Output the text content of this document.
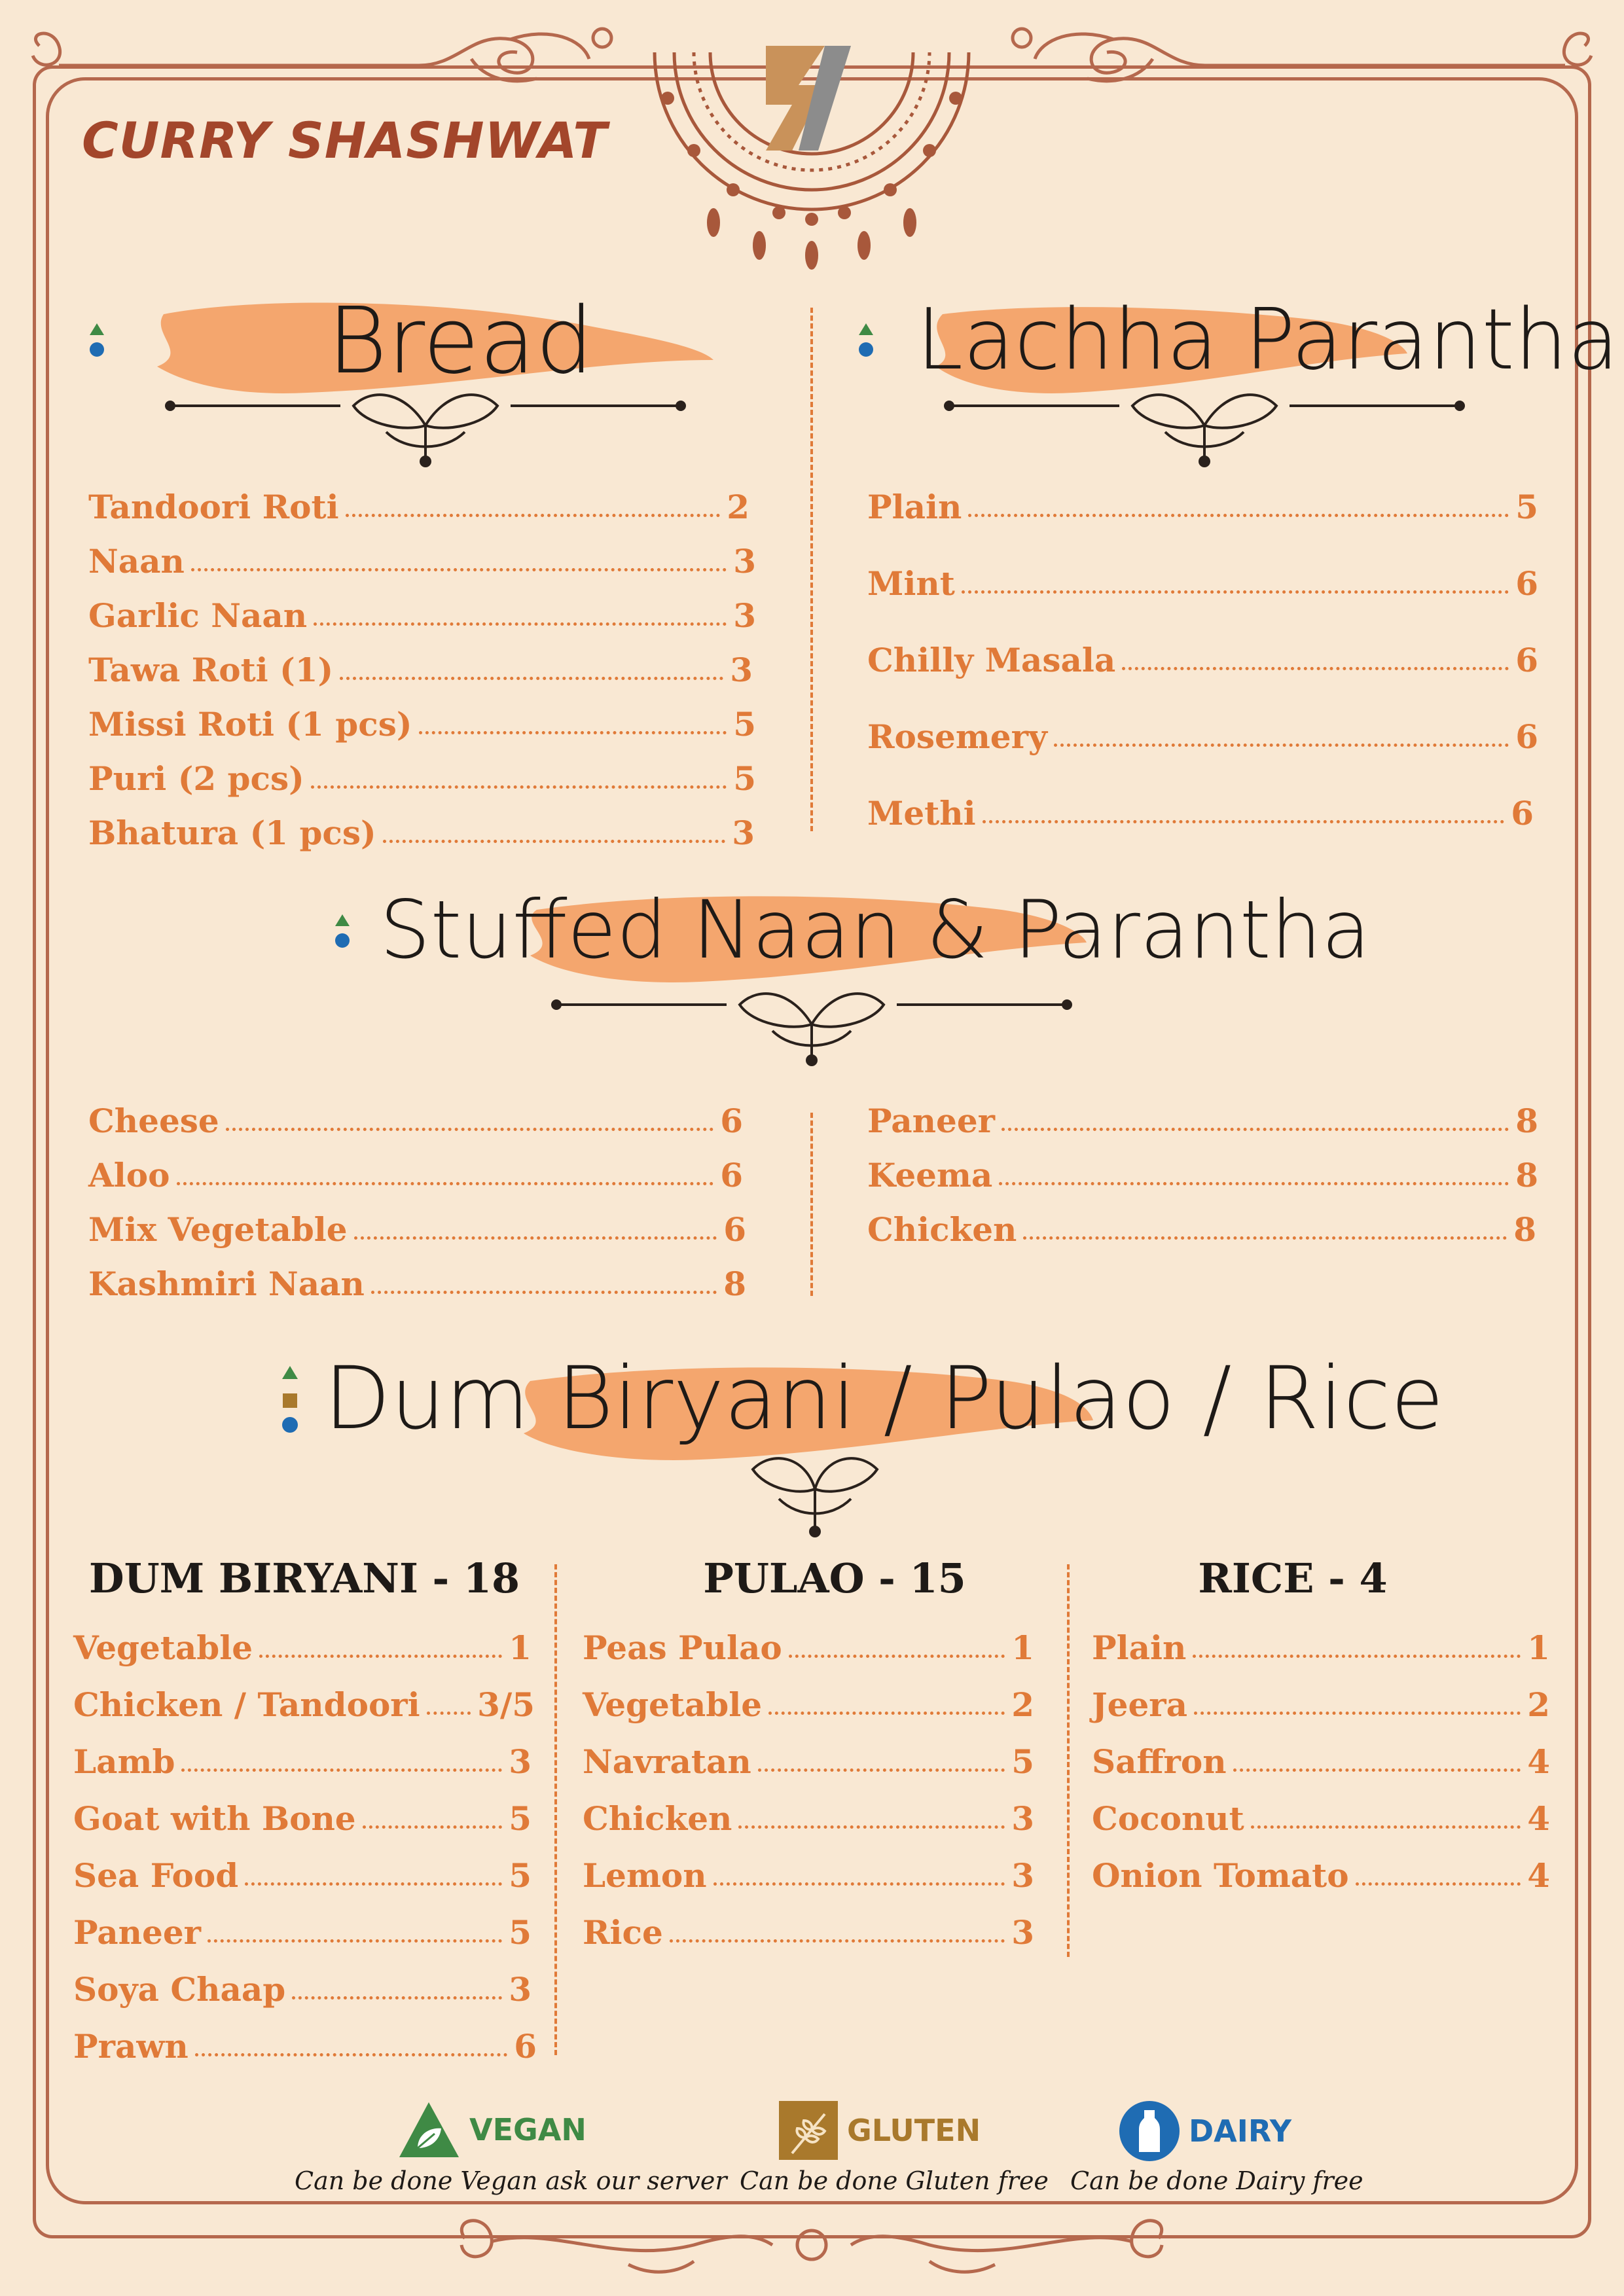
CURRY SHASHWAT
Bread
Tandoori Roti	2
Naan	3
Garlic Naan	3
Tawa Roti (1)	3
Missi Roti (1 pcs)	5
Puri (2 pcs)	5
Bhatura (1 pcs)	3
Lachha Parantha
Plain	5
Mint	6
Chilly Masala	6
Rosemery	6
Methi	6
Stuffed Naan & Parantha
Cheese	6
Aloo	6
Mix Vegetable	6
Kashmiri Naan	8
Paneer	8
Keema	8
Chicken	8
Dum Biryani / Pulao / Rice
DUM BIRYANI - 18	PULAO - 15	RICE - 4
Vegetable	1
Chicken / Tandoori 3/5
Lamb	3
Goat with Bone	5
Sea Food	5
Paneer	5
Soya Chaap	3
Prawn	6
Peas Pulao	1
Vegetable	2
Navratan	5
Chicken	3
Lemon	3
Rice	3
Plain	1
Jeera	2
Saffron	4
Coconut	4
Onion Tomato	4
VEGAN
Can be done Vegan ask our server
GLUTEN
Can be done Gluten free
DAIRY
Can be done Dairy free
